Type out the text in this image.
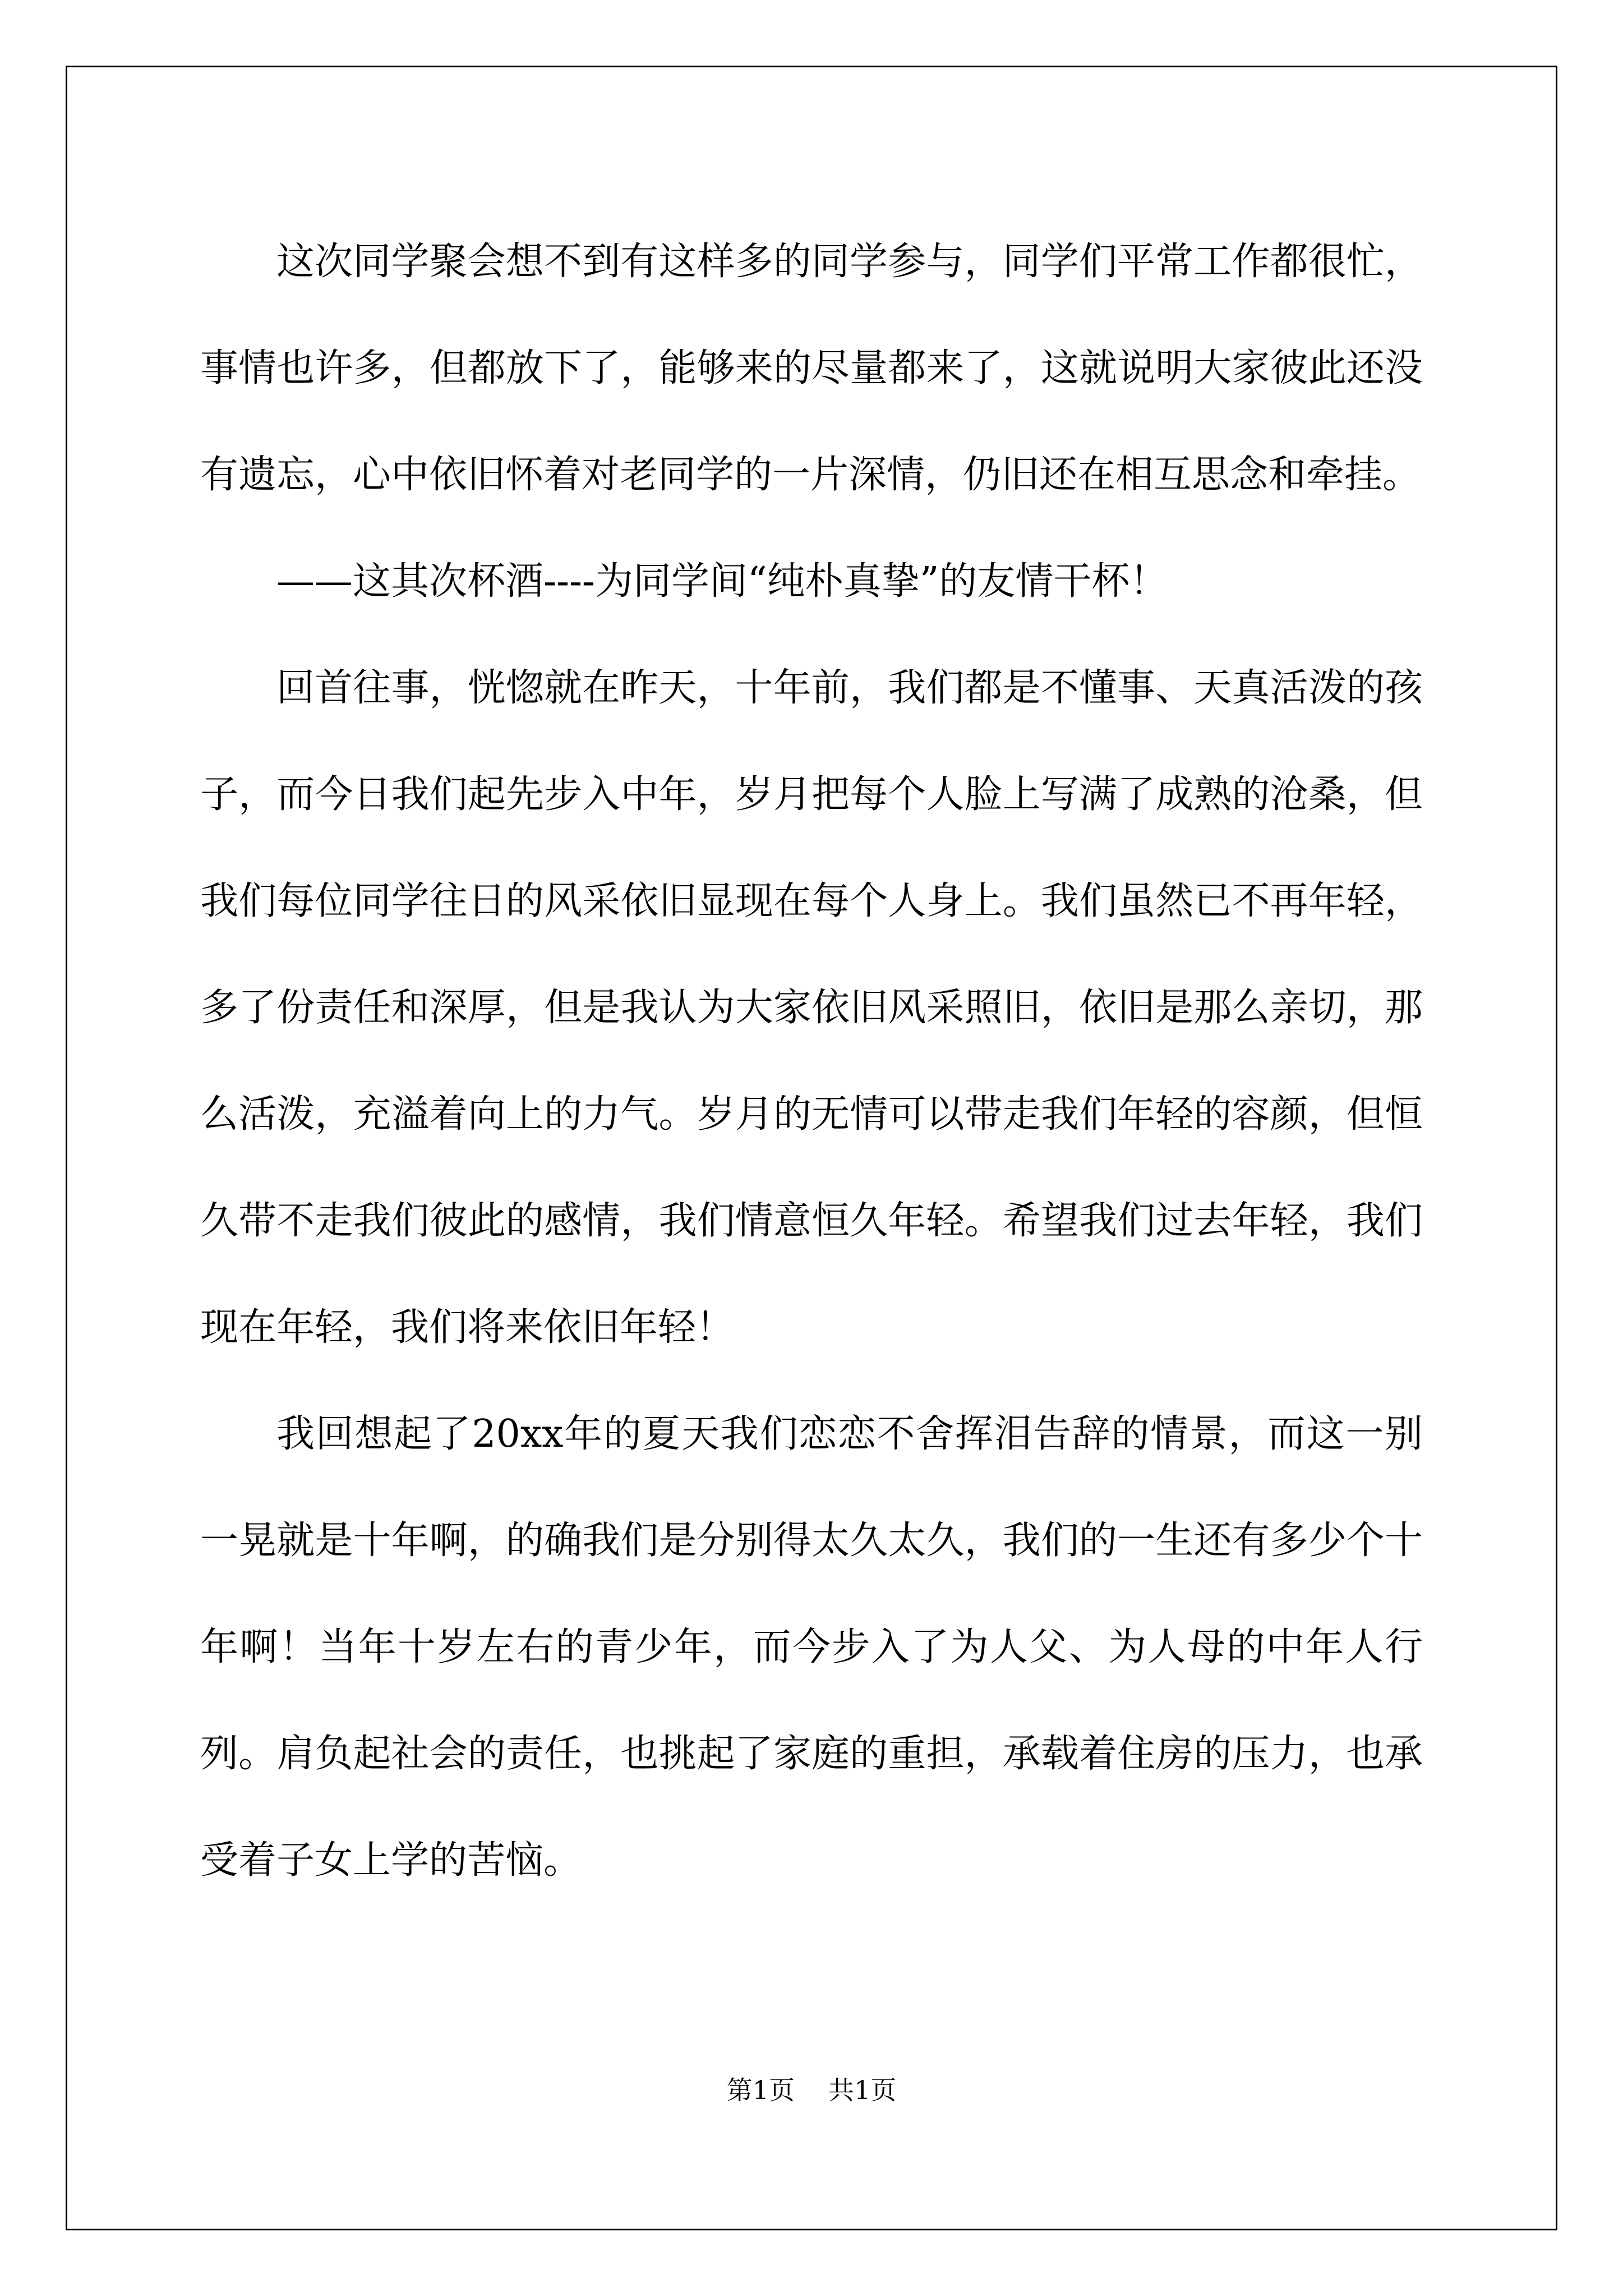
这次同学聚会想不到有这样多的同学参与，同学们平常工作都很忙，事情也许多，但都放下了，能够来的尽量都来了，这就说明大家彼此还没有遗忘，心中依旧怀着对老同学的一片深情，仍旧还在相互思念和牵挂。

——这其次杯酒----为同学间“纯朴真挚”的友情干杯！

回首往事，恍惚就在昨天，十年前，我们都是不懂事、天真活泼的孩子，而今日我们起先步入中年，岁月把每个人脸上写满了成熟的沧桑，但我们每位同学往日的风采依旧显现在每个人身上。我们虽然已不再年轻，多了份责任和深厚，但是我认为大家依旧风采照旧，依旧是那么亲切，那么活泼，充溢着向上的力气。岁月的无情可以带走我们年轻的容颜，但恒久带不走我们彼此的感情，我们情意恒久年轻。希望我们过去年轻，我们现在年轻，我们将来依旧年轻！

我回想起了20xx年的夏天我们恋恋不舍挥泪告辞的情景，而这一别一晃就是十年啊，的确我们是分别得太久太久，我们的一生还有多少个十年啊！当年十岁左右的青少年，而今步入了为人父、为人母的中年人行列。肩负起社会的责任，也挑起了家庭的重担，承载着住房的压力，也承受着子女上学的苦恼。

第1页 共1页
